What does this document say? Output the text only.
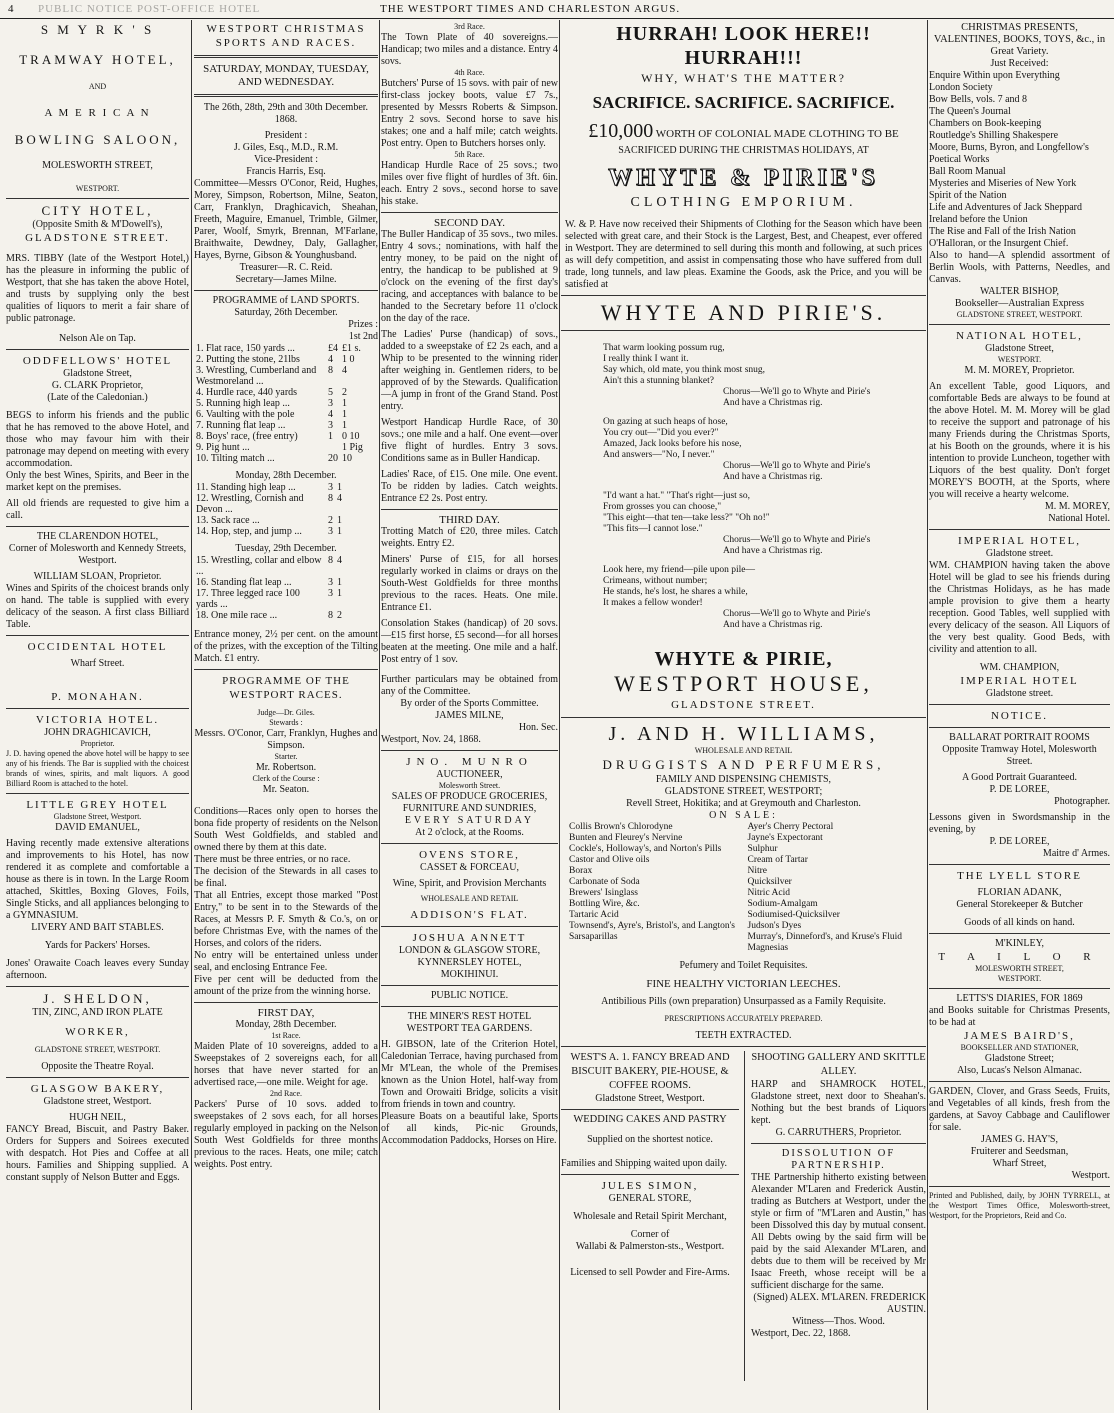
4 PUBLIC NOTICE POST-OFFICE HOTEL	THE WESTPORT TIMES AND CHARLESTON ARGUS.
S M Y R K ' S
TRAMWAY HOTEL,
AND
A M E R I C A N
BOWLING SALOON,
MOLESWORTH STREET,
WESTPORT.
CITY HOTEL,
(Opposite Smith & M'Dowell's),
GLADSTONE STREET.
MRS. TIBBY (late of the Westport Hotel,) has the pleasure in informing the public of Westport, that she has taken the above Hotel, and trusts by supplying only the best qualities of liquors to merit a fair share of public patronage.
Nelson Ale on Tap.
ODDFELLOWS' HOTEL
Gladstone Street,
G. CLARK Proprietor,
(Late of the Caledonian.)
BEGS to inform his friends and the public that he has removed to the above Hotel, and those who may favour him with their patronage may depend on meeting with every accommodation.
Only the best Wines, Spirits, and Beer in the market kept on the premises.
All old friends are requested to give him a call.
THE CLARENDON HOTEL,
Corner of Molesworth and Kennedy Streets, Westport.
WILLIAM SLOAN, Proprietor.
Wines and Spirits of the choicest brands only on hand. The table is supplied with every delicacy of the season. A first class Billiard Table.
OCCIDENTAL HOTEL
Wharf Street.
P. MONAHAN.
VICTORIA HOTEL.
JOHN DRAGHICAVICH,
Proprietor.
J. D. having opened the above hotel will be happy to see any of his friends. The Bar is supplied with the choicest brands of wines, spirits, and malt liquors. A good Billiard Room is attached to the hotel.
LITTLE GREY HOTEL
Gladstone Street, Westport.
DAVID EMANUEL,
Having recently made extensive alterations and improvements to his Hotel, has now rendered it as complete and comfortable a house as there is in town. In the Large Room attached, Skittles, Boxing Gloves, Foils, Single Sticks, and all appliances belonging to a GYMNASIUM.
LIVERY AND BAIT STABLES.
Yards for Packers' Horses.
Jones' Orawaite Coach leaves every Sunday afternoon.
J. SHELDON,
TIN, ZINC, AND IRON PLATE
WORKER,
GLADSTONE STREET, WESTPORT.
Opposite the Theatre Royal.
GLASGOW BAKERY,
Gladstone street, Westport.
HUGH NEIL,
FANCY Bread, Biscuit, and Pastry Baker. Orders for Suppers and Soirees executed with despatch. Hot Pies and Coffee at all hours. Families and Shipping supplied. A constant supply of Nelson Butter and Eggs.
WESTPORT CHRISTMAS SPORTS AND RACES.
SATURDAY, MONDAY, TUESDAY, AND WEDNESDAY.
The 26th, 28th, 29th and 30th December.
1868.
President :
J. Giles, Esq., M.D., R.M.
Vice-President :
Francis Harris, Esq.
Committee—Messrs O'Conor, Reid, Hughes, Morey, Simpson, Robertson, Milne, Seaton, Carr, Franklyn, Draghicavich, Sheahan, Freeth, Maguire, Emanuel, Trimble, Gilmer, Parer, Woolf, Smyrk, Brennan, M'Farlane, Braithwaite, Dewdney, Daly, Gallagher, Hayes, Byrne, Gibson & Younghusband.
Treasurer—R. C. Reid.
Secretary—James Milne.
PROGRAMME of LAND SPORTS.
Saturday, 26th December.
Prizes :
1st 2nd
1. Flat race, 150 yards ...	£4	£1 s.
2. Putting the stone, 21lbs	4	1 0
3. Wrestling, Cumberland and Westmoreland ...	8	4
4. Hurdle race, 440 yards	5	2
5. Running high leap ...	3	1
6. Vaulting with the pole	4	1
7. Running flat leap ...	3	1
8. Boys' race, (free entry)	1	0 10
9. Pig hunt ...		1 Pig
10. Tilting match ...	20	10
Monday, 28th December.
11. Standing high leap ...	3	1
12. Wrestling, Cornish and Devon ...	8	4
13. Sack race ...	2	1
14. Hop, step, and jump ...	3	1
Tuesday, 29th December.
15. Wrestling, collar and elbow ...	8	4
16. Standing flat leap ...	3	1
17. Three legged race 100 yards ...	3	1
18. One mile race ...	8	2
Entrance money, 2½ per cent. on the amount of the prizes, with the exception of the Tilting Match. £1 entry.
PROGRAMME OF THE WESTPORT RACES.
Judge—Dr. Giles.
Stewards :
Messrs. O'Conor, Carr, Franklyn, Hughes and Simpson.
Starter.
Mr. Robertson.
Clerk of the Course :
Mr. Seaton.
Conditions—Races only open to horses the bona fide property of residents on the Nelson South West Goldfields, and stabled and owned there by them at this date.
There must be three entries, or no race.
The decision of the Stewards in all cases to be final.
That all Entries, except those marked "Post Entry," to be sent in to the Stewards of the Races, at Messrs P. F. Smyth & Co.'s, on or before Christmas Eve, with the names of the Horses, and colors of the riders.
No entry will be entertained unless under seal, and enclosing Entrance Fee.
Five per cent will be deducted from the amount of the prize from the winning horse.
FIRST DAY,
Monday, 28th December.
1st Race.
Maiden Plate of 10 sovereigns, added to a Sweepstakes of 2 sovereigns each, for all horses that have never started for an advertised race,—one mile. Weight for age.
2nd Race.
Packers' Purse of 10 sovs. added to sweepstakes of 2 sovs each, for all horses regularly employed in packing on the Nelson South West Goldfields for three months previous to the races. Heats, one mile; catch weights. Post entry.
3rd Race.
The Town Plate of 40 sovereigns.—Handicap; two miles and a distance. Entry 4 sovs.
4th Race.
Butchers' Purse of 15 sovs. with pair of new first-class jockey boots, value £7 7s., presented by Messrs Roberts & Simpson. Entry 2 sovs. Second horse to save his stakes; one and a half mile; catch weights. Post entry. Open to Butchers horses only.
5th Race.
Handicap Hurdle Race of 25 sovs.; two miles over five flight of hurdles of 3ft. 6in. each. Entry 2 sovs., second horse to save his stake.
SECOND DAY.
The Buller Handicap of 35 sovs., two miles. Entry 4 sovs.; nominations, with half the entry money, to be paid on the night of entry, the handicap to be published at 9 o'clock on the evening of the first day's racing, and acceptances with balance to be handed to the Secretary before 11 o'clock on the day of the race.
The Ladies' Purse (handicap) of sovs., added to a sweepstake of £2 2s each, and a Whip to be presented to the winning rider after weighing in. Gentlemen riders, to be approved of by the Stewards. Qualification—A jump in front of the Grand Stand. Post entry.
Westport Handicap Hurdle Race, of 30 sovs.; one mile and a half. One event—over five flight of hurdles. Entry 3 sovs. Conditions same as in Buller Handicap.
Ladies' Race, of £15. One mile. One event. To be ridden by ladies. Catch weights. Entrance £2 2s. Post entry.
THIRD DAY.
Trotting Match of £20, three miles. Catch weights. Entry £2.
Miners' Purse of £15, for all horses regularly worked in claims or drays on the South-West Goldfields for three months previous to the races. Heats. One mile. Entrance £1.
Consolation Stakes (handicap) of 20 sovs.—£15 first horse, £5 second—for all horses beaten at the meeting. One mile and a half. Post entry of 1 sov.
Further particulars may be obtained from any of the Committee.
By order of the Sports Committee.
JAMES MILNE,
Hon. Sec.
Westport, Nov. 24, 1868.
JNO. MUNRO
AUCTIONEER,
Molesworth Street.
SALES OF PRODUCE GROCERIES, FURNITURE AND SUNDRIES,
EVERY SATURDAY
At 2 o'clock, at the Rooms.
OVENS STORE,
CASSET & FORCEAU,
Wine, Spirit, and Provision Merchants
WHOLESALE AND RETAIL
ADDISON'S FLAT.
JOSHUA ANNETT
LONDON & GLASGOW STORE,
KYNNERSLEY HOTEL,
MOKIHINUI.
PUBLIC NOTICE.
THE MINER'S REST HOTEL
WESTPORT TEA GARDENS.
H. GIBSON, late of the Criterion Hotel, Caledonian Terrace, having purchased from Mr M'Lean, the whole of the Premises known as the Union Hotel, half-way from Town and Orowaiti Bridge, solicits a visit from friends in town and country.
Pleasure Boats on a beautiful lake, Sports of all kinds, Pic-nic Grounds, Accommodation Paddocks, Horses on Hire.
HURRAH! LOOK HERE!! HURRAH!!!
WHY, WHAT'S THE MATTER?
SACRIFICE. SACRIFICE. SACRIFICE.
£10,000 WORTH OF COLONIAL MADE CLOTHING TO BE
SACRIFICED DURING THE CHRISTMAS HOLIDAYS, AT
WHYTE & PIRIE'S
CLOTHING EMPORIUM.
W. & P. Have now received their Shipments of Clothing for the Season which have been selected with great care, and their Stock is the Largest, Best, and Cheapest, ever offered in Westport. They are determined to sell during this month and following, at such prices as will defy competition, and assist in compensating those who have suffered from dull trade, long tunnels, and law pleas. Examine the Goods, ask the Price, and you will be satisfied at
WHYTE AND PIRIE'S.
That warm looking possum rug,
I really think I want it.
Say which, old mate, you think most snug,
Ain't this a stunning blanket?
Chorus—We'll go to Whyte and Pirie's
And have a Christmas rig.
On gazing at such heaps of hose,
You cry out—"Did you ever?"
Amazed, Jack looks before his nose,
And answers—"No, I never."
Chorus—We'll go to Whyte and Pirie's
And have a Christmas rig.
"I'd want a hat." "That's right—just so,
From grosses you can choose,"
"This eight—that ten—take less?" "Oh no!"
"This fits—I cannot lose."
Chorus—We'll go to Whyte and Pirie's
And have a Christmas rig.
Look here, my friend—pile upon pile—
Crimeans, without number;
He stands, he's lost, he shares a while,
It makes a fellow wonder!
Chorus—We'll go to Whyte and Pirie's
And have a Christmas rig.
WHYTE & PIRIE,
WESTPORT HOUSE,
GLADSTONE STREET.
J. AND H. WILLIAMS,
WHOLESALE AND RETAIL
DRUGGISTS AND PERFUMERS,
FAMILY AND DISPENSING CHEMISTS,
GLADSTONE STREET, WESTPORT;
Revell Street, Hokitika; and at Greymouth and Charleston.
ON SALE:
Collis Brown's Chlorodyne
Bunten and Fleurey's Nervine
Cockle's, Holloway's, and Norton's Pills
Castor and Olive oils
Borax
Carbonate of Soda
Brewers' Isinglass
Bottling Wire, &c.
Tartaric Acid
Townsend's, Ayre's, Bristol's, and Langton's Sarsaparillas
Ayer's Cherry Pectoral
Jayne's Expectorant
Sulphur
Cream of Tartar
Nitre
Quicksilver
Nitric Acid
Sodium-Amalgam
Sodiumised-Quicksilver
Judson's Dyes
Murray's, Dinneford's, and Kruse's Fluid Magnesias
Pefumery and Toilet Requisites.
FINE HEALTHY VICTORIAN LEECHES.
Antibilious Pills (own preparation) Unsurpassed as a Family Requisite.
PRESCRIPTIONS ACCURATELY PREPARED.
TEETH EXTRACTED.
WEST'S A. 1. FANCY BREAD AND BISCUIT BAKERY, PIE-HOUSE, & COFFEE ROOMS.
Gladstone Street, Westport.
WEDDING CAKES AND PASTRY
Supplied on the shortest notice.
Families and Shipping waited upon daily.
JULES SIMON,
GENERAL STORE,
Wholesale and Retail Spirit Merchant,
Corner of
Wallabi & Palmerston-sts., Westport.
Licensed to sell Powder and Fire-Arms.
SHOOTING GALLERY AND SKITTLE ALLEY.
HARP and SHAMROCK HOTEL, Gladstone street, next door to Sheahan's. Nothing but the best brands of Liquors kept.
G. CARRUTHERS, Proprietor.
DISSOLUTION OF PARTNERSHIP.
THE Partnership hitherto existing between Alexander M'Laren and Frederick Austin, trading as Butchers at Westport, under the style or firm of "M'Laren and Austin," has been Dissolved this day by mutual consent. All Debts owing by the said firm will be paid by the said Alexander M'Laren, and debts due to them will be received by Mr Isaac Freeth, whose receipt will be a sufficient discharge for the same.
(Signed) ALEX. M'LAREN. FREDERICK AUSTIN.
Witness—Thos. Wood.
Westport, Dec. 22, 1868.
CHRISTMAS PRESENTS, VALENTINES, BOOKS, TOYS, &c., in Great Variety.
Just Received:
Enquire Within upon Everything
London Society
Bow Bells, vols. 7 and 8
The Queen's Journal
Chambers on Book-keeping
Routledge's Shilling Shakespere
Moore, Burns, Byron, and Longfellow's Poetical Works
Ball Room Manual
Mysteries and Miseries of New York
Spirit of the Nation
Life and Adventures of Jack Sheppard
Ireland before the Union
The Rise and Fall of the Irish Nation
O'Halloran, or the Insurgent Chief.
Also to hand—A splendid assortment of Berlin Wools, with Patterns, Needles, and Canvas.
WALTER BISHOP,
Bookseller—Australian Express
GLADSTONE STREET, WESTPORT.
NATIONAL HOTEL,
Gladstone Street,
WESTPORT.
M. M. MOREY, Proprietor.
An excellent Table, good Liquors, and comfortable Beds are always to be found at the above Hotel. M. M. Morey will be glad to receive the support and patronage of his many Friends during the Christmas Sports, at his Booth on the grounds, where it is his intention to provide Luncheon, together with Liquors of the best quality. Don't forget MOREY'S BOOTH, at the Sports, where you will receive a hearty welcome.
M. M. MOREY,
National Hotel.
IMPERIAL HOTEL,
Gladstone street.
WM. CHAMPION having taken the above Hotel will be glad to see his friends during the Christmas Holidays, as he has made ample provision to give them a hearty reception. Good Tables, well supplied with every delicacy of the season. All Liquors of the very best quality. Good Beds, with civility and attention to all.
WM. CHAMPION,
IMPERIAL HOTEL
Gladstone street.
NOTICE.
BALLARAT PORTRAIT ROOMS
Opposite Tramway Hotel, Molesworth Street.
A Good Portrait Guaranteed.
P. DE LOREE,
Photographer.
Lessons given in Swordsmanship in the evening, by
P. DE LOREE,
Maitre d' Armes.
THE LYELL STORE
FLORIAN ADANK,
General Storekeeper & Butcher
Goods of all kinds on hand.
M'KINLEY,
T A I L O R
MOLESWORTH STREET,
WESTPORT.
LETTS'S DIARIES, FOR 1869
and Books suitable for Christmas Presents, to be had at
JAMES BAIRD'S,
BOOKSELLER AND STATIONER,
Gladstone Street;
Also, Lucas's Nelson Almanac.
GARDEN, Clover, and Grass Seeds, Fruits, and Vegetables of all kinds, fresh from the gardens, at Savoy Cabbage and Cauliflower for sale.
JAMES G. HAY'S,
Fruiterer and Seedsman,
Wharf Street,
Westport.
Printed and Published, daily, by JOHN TYRRELL, at the Westport Times Office, Molesworth-street, Westport, for the Proprietors, Reid and Co.
